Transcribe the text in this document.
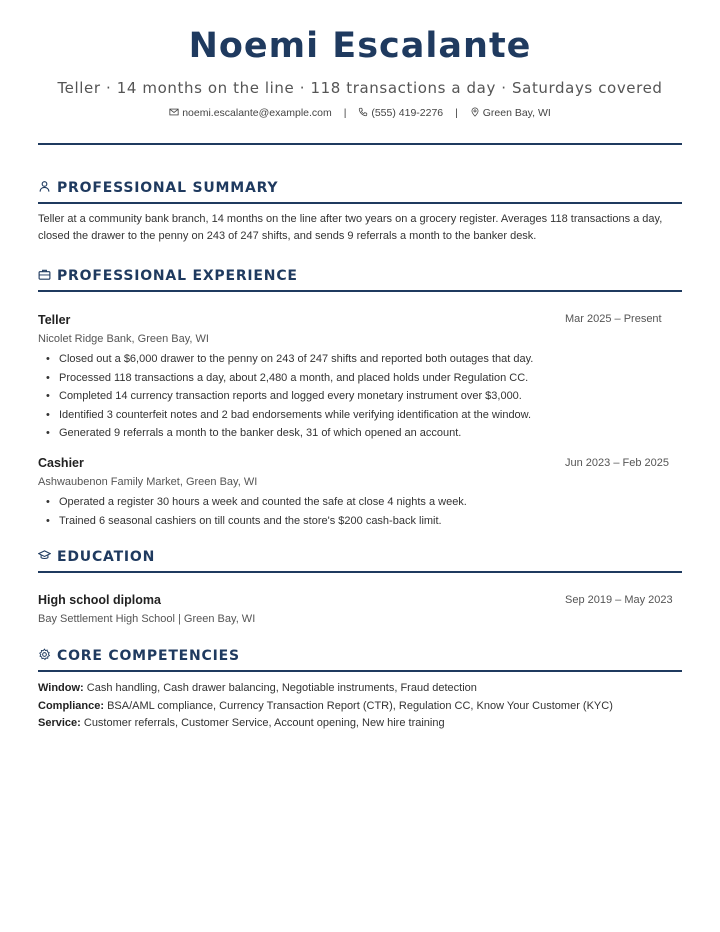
Noemi Escalante
Teller · 14 months on the line · 118 transactions a day · Saturdays covered
noemi.escalante@example.com | (555) 419-2276 | Green Bay, WI
PROFESSIONAL SUMMARY
Teller at a community bank branch, 14 months on the line after two years on a grocery register. Averages 118 transactions a day, closed the drawer to the penny on 243 of 247 shifts, and sends 9 referrals a month to the banker desk.
PROFESSIONAL EXPERIENCE
Teller	Mar 2025 – Present
Nicolet Ridge Bank, Green Bay, WI
• Closed out a $6,000 drawer to the penny on 243 of 247 shifts and reported both outages that day.
• Processed 118 transactions a day, about 2,480 a month, and placed holds under Regulation CC.
• Completed 14 currency transaction reports and logged every monetary instrument over $3,000.
• Identified 3 counterfeit notes and 2 bad endorsements while verifying identification at the window.
• Generated 9 referrals a month to the banker desk, 31 of which opened an account.
Cashier	Jun 2023 – Feb 2025
Ashwaubenon Family Market, Green Bay, WI
• Operated a register 30 hours a week and counted the safe at close 4 nights a week.
• Trained 6 seasonal cashiers on till counts and the store's $200 cash-back limit.
EDUCATION
High school diploma	Sep 2019 – May 2023
Bay Settlement High School | Green Bay, WI
CORE COMPETENCIES
Window: Cash handling, Cash drawer balancing, Negotiable instruments, Fraud detection
Compliance: BSA/AML compliance, Currency Transaction Report (CTR), Regulation CC, Know Your Customer (KYC)
Service: Customer referrals, Customer Service, Account opening, New hire training
